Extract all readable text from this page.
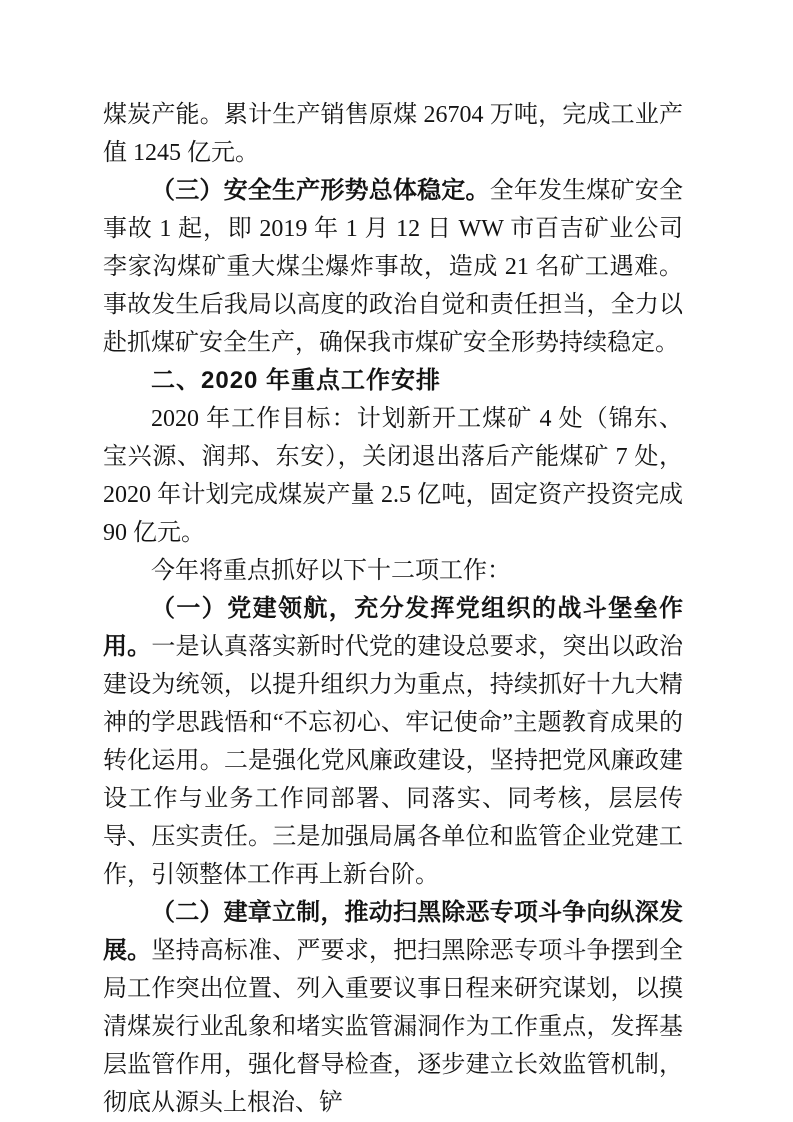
煤炭产能。累计生产销售原煤 26704 万吨，完成工业产值 1245 亿元。

（三）安全生产形势总体稳定。全年发生煤矿安全事故 1 起，即 2019 年 1 月 12 日 WW 市百吉矿业公司李家沟煤矿重大煤尘爆炸事故，造成 21 名矿工遇难。事故发生后我局以高度的政治自觉和责任担当，全力以赴抓煤矿安全生产，确保我市煤矿安全形势持续稳定。

二、2020 年重点工作安排

2020 年工作目标：计划新开工煤矿 4 处（锦东、宝兴源、润邦、东安），关闭退出落后产能煤矿 7 处，2020 年计划完成煤炭产量 2.5 亿吨，固定资产投资完成 90 亿元。

今年将重点抓好以下十二项工作：

（一）党建领航，充分发挥党组织的战斗堡垒作用。一是认真落实新时代党的建设总要求，突出以政治建设为统领，以提升组织力为重点，持续抓好十九大精神的学思践悟和“不忘初心、牢记使命”主题教育成果的转化运用。二是强化党风廉政建设，坚持把党风廉政建设工作与业务工作同部署、同落实、同考核，层层传导、压实责任。三是加强局属各单位和监管企业党建工作，引领整体工作再上新台阶。

（二）建章立制，推动扫黑除恶专项斗争向纵深发展。坚持高标准、严要求，把扫黑除恶专项斗争摆到全局工作突出位置、列入重要议事日程来研究谋划，以摸清煤炭行业乱象和堵实监管漏洞作为工作重点，发挥基层监管作用，强化督导检查，逐步建立长效监管机制，彻底从源头上根治、铲
